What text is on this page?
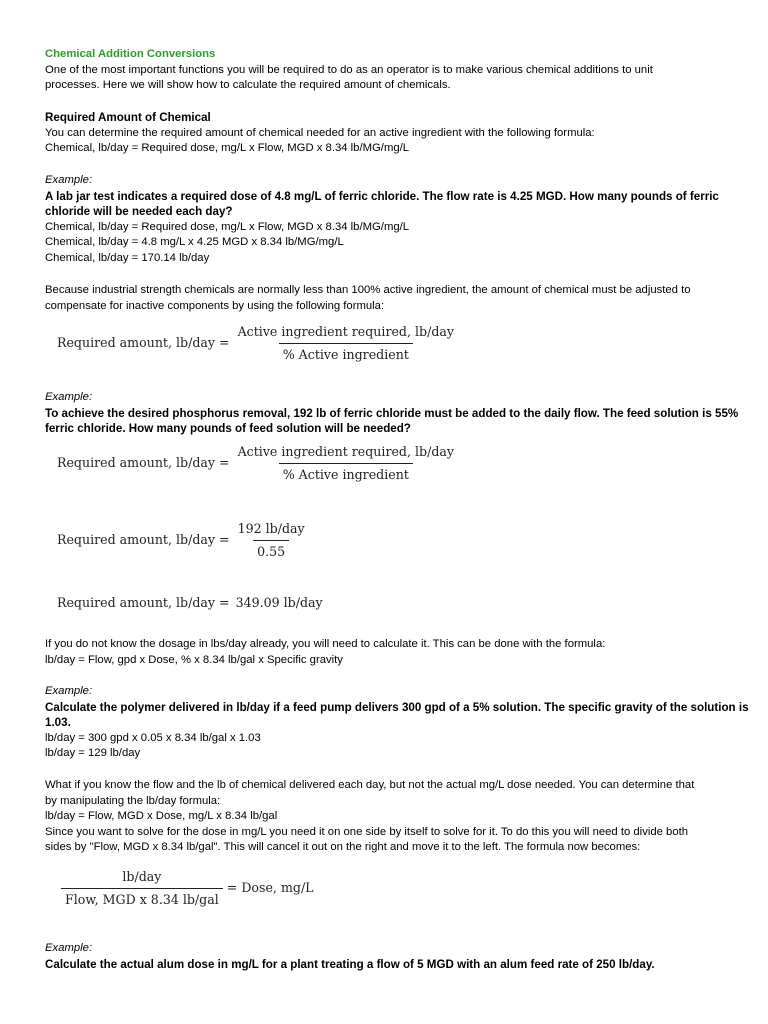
Chemical Addition Conversions
One of the most important functions you will be required to do as an operator is to make various chemical additions to unit
processes. Here we will show how to calculate the required amount of chemicals.
Required Amount of Chemical
You can determine the required amount of chemical needed for an active ingredient with the following formula:
Chemical, lb/day = Required dose, mg/L x Flow, MGD x 8.34 lb/MG/mg/L
Example:
A lab jar test indicates a required dose of 4.8 mg/L of ferric chloride. The flow rate is 4.25 MGD. How many pounds of ferric
chloride will be needed each day?
Chemical, lb/day = Required dose, mg/L x Flow, MGD x 8.34 lb/MG/mg/L
Chemical, lb/day = 4.8 mg/L x 4.25 MGD x 8.34 lb/MG/mg/L
Chemical, lb/day = 170.14 lb/day
Because industrial strength chemicals are normally less than 100% active ingredient, the amount of chemical must be adjusted to
compensate for inactive components by using the following formula:
Required amount, $lb/day = \frac{\text{Active ingredient required, lb/day}}{\text{\% Active ingredient}}$
Example:
To achieve the desired phosphorus removal, 192 lb of ferric chloride must be added to the daily flow. The feed solution is 55%
ferric chloride. How many pounds of feed solution will be needed?
Required amount, $lb/day = \frac{\text{Active ingredient required, lb/day}}{\text{\% Active ingredient}}$
Required amount, $lb/day = \frac{\text{192 lb/day}}{0.55}$
Required amount, lb/day = 349.09 lb/day
If you do not know the dosage in lbs/day already, you will need to calculate it. This can be done with the formula:
lb/day = Flow, gpd x Dose, % x 8.34 lb/gal x Specific gravity
Example:
Calculate the polymer delivered in lb/day if a feed pump delivers 300 gpd of a 5% solution. The specific gravity of the solution is
1.03.
lb/day = 300 gpd x 0.05 x 8.34 lb/gal x 1.03
lb/day = 129 lb/day
What if you know the flow and the lb of chemical delivered each day, but not the actual mg/L dose needed. You can determine that
by manipulating the lb/day formula:
lb/day = Flow, MGD x Dose, mg/L x 8.34 lb/gal
Since you want to solve for the dose in mg/L you need it on one side by itself to solve for it. To do this you will need to divide both
sides by "Flow, MGD x 8.34 lb/gal". This will cancel it out on the right and move it to the left. The formula now becomes:
$\frac{\text{lb/day}}{\text{Flow, MGD x 8.34 lb/gal}}$ = Dose, mg/L
Example:
Calculate the actual alum dose in mg/L for a plant treating a flow of 5 MGD with an alum feed rate of 250 lb/day.
